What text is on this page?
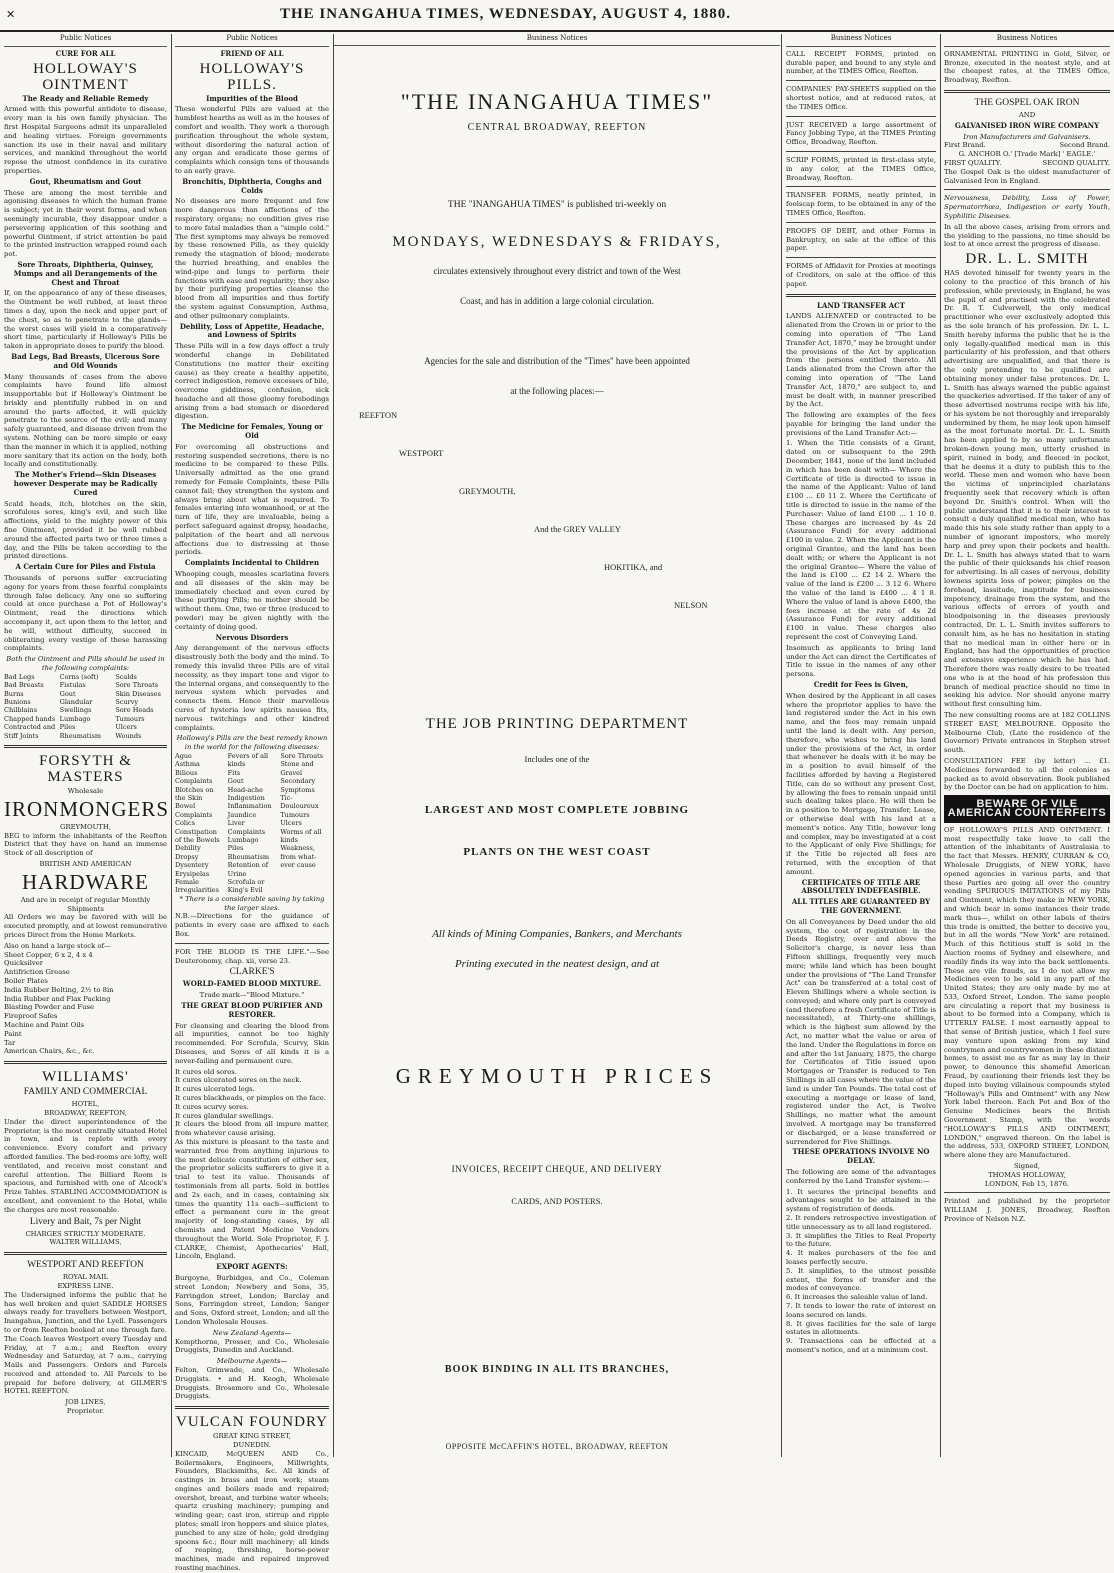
✕	THE INANGAHUA TIMES, WEDNESDAY, AUGUST 4, 1880.
Public Notices
CURE FOR ALL
HOLLOWAY'S OINTMENT
The Ready and Reliable Remedy

Armed with this powerful antidote to disease, every man is his own family physician. The first Hospital Surgeons admit its unparalleled and healing virtues. Foreign governments sanction its use in their naval and military services, and mankind throughout the world repose the utmost confidence in its curative properties.

Gout, Rheumatism and Gout

These are among the most terrible and agonising diseases to which the human frame is subject; yet in their worst forms, and when seemingly incurable, they disappear under a persevering application of this soothing and powerful Ointment, if strict attention be paid to the printed instruction wrapped round each pot.

Sore Throats, Diphtheria, Quinsey, Mumps and all Derangements of the Chest and Throat

If, on the appearance of any of these diseases, the Ointment be well rubbed, at least three times a day, upon the neck and upper part of the chest, so as to penetrate to the glands—the worst cases will yield in a comparatively short time, particularly if Holloway's Pills be taken in appropriate doses to purify the blood.

Bad Legs, Bad Breasts, Ulcerous Sore and Old Wounds

Many thousands of cases from the above complaints have found life almost insupportable but if Holloway's Ointment be briskly and plentifully rubbed in on and around the parts affected, it will quickly penetrate to the source of the evil; and many safely guaranteed, and disease driven from the system. Nothing can be more simple or easy than the manner in which it is applied, nothing more sanitary that its action on the body, both locally and constitutionally.

The Mother's Friend—Skin Diseases however Desperate may be Radically Cured

Scald heads, itch, blotches on the skin, scrofulous sores, king's evil, and such like affections, yield to the mighty power of this fine Ointment, provided it be well rubbed around the affected parts two or three times a day, and the Pills be taken according to the printed directions.

A Certain Cure for Piles and Fistula

Thousands of persons suffer excruciating agony for years from these fearful complaints through false delicacy. Any one so suffering could at once purchase a Pot of Holloway's Ointment, read the directions which accompany it, act upon them to the letter, and he will, without difficulty, succeed in obliterating every vestige of these harassing complaints.

Both the Ointment and Pills should be used in the following complaints:
Bad Legs
Bad Breasts
Burns
Bunions
Chilblains
Chapped hands
Contracted and Stiff Joints
Corns (soft)
Fistulas
Gout
Glandular
Swellings
Lumbago
Piles
Rheumatism
Scalds
Sore Throats
Skin Diseases
Scurvy
Sore Heads
Tumours
Ulcers
Wounds
FORSYTH & MASTERS
Wholesale
IRONMONGERS
GREYMOUTH,

BEG to inform the inhabitants of the Reefton District that they have on hand an immense Stock of all description of

BRITISH AND AMERICAN
HARDWARE
And are in receipt of regular Monthly Shipments

All Orders we may be favored with will be executed promptly, and at lowest remunerative prices Direct from the Home Markets.

Also on hand a large stock of—
Sheet Copper, 6 x 2, 4 x 4
Quicksilver
Antifriction Grease
Boiler Plates
India Rubber Belting, 2½ to 8in
India Rubber and Flax Packing
Blasting Powder and Fuse
Fireproof Safes
Machine and Paint Oils
Paint
Tar
American Chairs, &c., &c.
WILLIAMS'
FAMILY AND COMMERCIAL
HOTEL,
BROADWAY, REEFTON,

Under the direct superintendence of the Proprietor, is the most centrally situated Hotel in town, and is replete with every convenience. Every comfort and privacy afforded families. The bed-rooms are lofty, well ventilated, and receive most constant and careful attention. The Billiard Room is spacious, and furnished with one of Alcock's Prize Tables. STABLING ACCOMMODATION is excellent, and convenient to the Hotel, while the charges are most reasonable.

Livery and Bait, 7s per Night
CHARGES STRICTLY MODERATE.
WALTER WILLIAMS,
WESTPORT AND REEFTON
ROYAL MAIL
EXPRESS LINE.

The Undersigned informs the public that he has well broken and quiet SADDLE HORSES always ready for travellers between Westport, Inangahua, Junction, and the Lyell. Passengers to or from Reefton booked at one through fare. The Coach leaves Westport every Tuesday and Friday, at 7 a.m.; and Reefton every Wednesday and Saturday, at 7 a.m., carrying Mails and Passengers. Orders and Parcels received and attended to. All Parcels to be prepaid for before delivery, at GILMER'S HOTEL REEFTON.

JOB LINES,
Proprietor.
Public Notices
FRIEND OF ALL
HOLLOWAY'S PILLS.
Impurities of the Blood

These wonderful Pills are valued at the humblest hearths as well as in the houses of comfort and wealth. They work a thorough purification throughout the whole system, without disordering the natural action of any organ and eradicate those germs of complaints which consign tens of thousands to an early grave.

Bronchitis, Diphtheria, Coughs and Colds

No diseases are more frequent and few more dangerous than affections of the respiratory organs; no condition gives rise to more fatal maladies than a "simple cold." The first symptoms may always be removed by these renowned Pills, as they quickly remedy the stagnation of blood; moderate the hurried breathing, and enables the wind-pipe and lungs to perform their functions with ease and regularity; they also by their purifying properties cleanse the blood from all impurities and thus fortify the system against Consumption, Asthma, and other pulmonary complaints.

Debility, Loss of Appetite, Headache, and Lowness of Spirits

These Pills will in a few days effect a truly wonderful change in Debilitated Constitutions (no matter their exciting cause) as they create a healthy appetite, correct indigestion, remove excesses of bile, overcome giddiness, confusion, sick headache and all those gloomy forebodings arising from a bad stomach or disordered digestion.

The Medicine for Females, Young or Old

For overcoming all obstructions and restoring suspended secretions, there is no medicine to be compared to these Pills. Universally admitted as the one grand remedy for Female Complaints, these Pills cannot fail; they strengthen the system and always bring about what is required. To females entering into womanhood, or at the turn of life, they are invaluable, being a perfect safeguard against dropsy, headache, palpitation of the heart and all nervous affections due to distressing at those periods.

Complaints Incidental to Children

Whooping cough, measles scarlatina fevers and all diseases of the skin may be immediately checked and even cured by these purifying Pills; no mother should be without them. One, two or three (reduced to powder) may be given nightly with the certainty of doing good.

Nervous Disorders

Any derangement of the nervous effects disastrously both the body and the mind. To remedy this invalid three Pills are of vital necessity, as they impart tone and vigor to the internal organs, and consequently to the nervous system which pervades and connects them. Hence their marvellous cures of hysteria low spirits nausea fits, nervous twitchings and other kindred complaints.

Holloway's Pills are the best remedy known in the world for the following diseases:
Ague
Asthma
Bilious Complaints
Blotches on the Skin
Bowel Complaints
Colics
Constipation of the Bowels
Debility
Dropsy
Dysentery
Erysipelas
Female Irregularities
Fevers of all kinds
Fits
Gout
Head-ache
Indigestion
Inflammation
Jaundice
Liver Complaints
Lumbago
Piles
Rheumatism
Retention of Urine
Scrofula or King's Evil
Sore Throats
Stone and Gravel
Secondary Symptoms
Tic-Douloureux
Tumours
Ulcers
Worms of all kinds
Weakness, from what-ever cause
* There is a considerable saving by taking the larger sizes.

N.B.—Directions for the guidance of patients in every case are affixed to each Box.

FOR THE BLOOD IS THE LIFE."—See Deuteronomy, chap. xii, verse 23.

CLARKE'S
WORLD-FAMED BLOOD MIXTURE.
Trade mark—"Blood Mixture."
THE GREAT BLOOD PURIFIER AND RESTORER.

For cleansing and clearing the blood from all impurities, cannot be too highly recommended. For Scrofula, Scurvy, Skin Diseases, and Sores of all kinds it is a never-failing and permanent cure.

It cures old sores.
It cures ulcerated sores on the neck.
It cures ulcerated legs.
It cures blackheads, or pimples on the face.
It cures scurvy sores.
It cures glandular swellings.
It clears the blood from all impure matter, from whatever cause arising.

As this mixture is pleasant to the taste and warranted free from anything injurious to the most delicate constitution of either sex, the proprietor solicits sufferers to give it a trial to test its value. Thousands of testimonials from all parts. Sold in bottles and 2s each, and in cases, containing six times the quantity 11s each—sufficient to effect a permanent cure in the great majority of long-standing cases, by all chemists and Patent Medicine Vendors throughout the World. Sole Proprietor, F. J. CLARKE, Chemist, Apothecaries' Hall, Lincoln, England.

EXPORT AGENTS:

Burgoyne, Burbidges, and Co., Coleman street London; Newbery and Sons, 35, Farringdon street, London; Barclay and Sons, Farringdon street, London; Sanger and Sons, Oxford street, London; and all the London Wholesale Houses.

New Zealand Agents—

Kempthorne, Prosser, and Co., Wholesale Druggists, Dunedin and Auckland.

Melbourne Agents—

Felton, Grimwade, and Co., Wholesale Druggists. • and H. Keogh, Wholesale Druggists. Brosemore and Co., Wholesale Druggists.

VULCAN FOUNDRY
GREAT KING STREET,
DUNEDIN.

KINCAID, McQUEEN AND Co., Boilermakers, Engineers, Millwrights, Founders, Blacksmiths, &c. All kinds of castings in brass and iron work; steam engines and boilers made and repaired; overshot, breast, and turbine water wheels; quartz crushing machinery; pumping and winding gear; cast iron, stirrup and ripple plates; small iron hoppers and sluice plates, punched to any size of hole; gold dredging spoons &c.; flour mill machinery; all kinds of reaping, threshing, horse-power machines, made and repaired improved roasting machines.

Business Notices
"THE INANGAHUA TIMES"
CENTRAL BROADWAY, REEFTON
THE "INANGAHUA TIMES" is published tri-weekly on
MONDAYS, WEDNESDAYS & FRIDAYS,
circulates extensively throughout every district and town of the West
Coast, and has in addition a large colonial circulation.
Agencies for the sale and distribution of the "Times" have been appointed
at the following places:—
REEFTON
WESTPORT
GREYMOUTH,
And the GREY VALLEY
HOKITIKA, and
NELSON
THE JOB PRINTING DEPARTMENT
Includes one of the
LARGEST AND MOST COMPLETE JOBBING
PLANTS ON THE WEST COAST
All kinds of Mining Companies, Bankers, and Merchants
Printing executed in the neatest design, and at
GREYMOUTH PRICES
INVOICES, RECEIPT CHEQUE, AND DELIVERY
CARDS, AND POSTERS.
BOOK BINDING IN ALL ITS BRANCHES,
OPPOSITE McCAFFIN'S HOTEL, BROADWAY, REEFTON
Business Notices

CALL RECEIPT FORMS, printed on durable paper, and bound to any style and number, at the TIMES Office, Reefton.

COMPANIES' PAY-SHEETS supplied on the shortest notice, and at reduced rates, at the TIMES Office.

JUST RECEIVED a large assortment of Fancy Jobbing Type, at the TIMES Printing Office, Broadway, Reefton.

SCRIP FORMS, printed in first-class style, in any color, at the TIMES Office, Broadway, Reefton.

TRANSFER FORMS, neatly printed, in foolscap form, to be obtained in any of the TIMES Office, Reefton.

PROOFS OF DEBT, and other Forms in Bankruptcy, on sale at the office of this paper.

FORMS of Affidavit for Proxies at meetings of Creditors, on sale at the office of this paper.

LAND TRANSFER ACT

LANDS ALIENATED or contracted to be alienated from the Crown in or prior to the coming into operation of "The Land Transfer Act, 1870," may be brought under the provisions of the Act by application from the persons entitled thereto. All Lands alienated from the Crown after the coming into operation of "The Land Transfer Act, 1870," are subject to, and must be dealt with, in manner prescribed by the Act.

The following are examples of the fees payable for bringing the land under the provisions of the Land Transfer Act:—

1. When the Title consists of a Grant, dated on or subsequent to the 29th December, 1841, none of the land included in which has been dealt with— Where the Certificate of title is directed to issue in the name of the Applicant: Value of land £100 ... £0 11 2. Where the Certificate of title is directed to issue in the name of the Purchaser: Value of land £100 ... 1 10 0. These charges are increased by 4s 2d (Assurance Fund) for every additional £100 in value. 2. When the Applicant is the original Grantee, and the land has been dealt with; or where the Applicant is not the original Grantee— Where the value of the land is £100 ... £2 14 2. Where the value of the land is £200 ... 3 12 6. Where the value of the land is £400 ... 4 1 8. Where the value of land is above £400, the fees increase at the rate of 4s 2d (Assurance Fund) for every additional £100 in value. These charges also represent the cost of Conveying Land.

Insomuch as applicants to bring land under the Act can direct the Certificates of Title to issue in the names of any other persons.

Credit for Fees is Given,

When desired by the Applicant in all cases where the proprietor applies to have the land registered under the Act in his own name, and the fees may remain unpaid until the land is dealt with. Any person, therefore, who wishes to bring his land under the provisions of the Act, in order that whenever he deals with it he may be in a position to avail himself of the facilities afforded by having a Registered Title, can do so without any present Cost, by allowing the fees to remain unpaid until such dealing takes place. He will then be in a position to Mortgage, Transfer, Lease, or otherwise deal with his land at a moment's notice. Any Title, however long and complex, may be investigated at a cost to the Applicant of only Five Shillings; for if the Title be rejected all fees are returned, with the exception of that amount.

CERTIFICATES OF TITLE ARE ABSOLUTELY INDEFEASIBLE.
ALL TITLES ARE GUARANTEED BY THE GOVERNMENT.

On all Conveyances by Deed under the old system, the cost of registration in the Deeds Registry, over and above the Solicitor's charge, is never less than Fifteen shillings, frequently very much more; while land which has been bought under the provisions of "The Land Transfer Act" can be transferred at a total cost of Eleven Shillings where a whole section is conveyed; and where only part is conveyed (and therefore a fresh Certificate of Title is necessitated), at Thirty-one shillings, which is the highest sum allowed by the Act, no matter what the value or area of the land. Under the Regulations in force on and after the 1st January, 1875, the charge for Certificates of Title issued upon Mortgages or Transfer is reduced to Ten Shillings in all cases where the value of the land is under Ten Pounds. The total cost of executing a mortgage or lease of land, registered under the Act, is Twelve Shillings, no matter what the amount involved. A mortgage may be transferred or discharged, or a lease transferred or surrendered for Five Shillings.

THESE OPERATIONS INVOLVE NO DELAY.

The following are some of the advantages conferred by the Land Transfer system:—

1. It secures the principal benefits and advantages sought to be attained in the system of registration of deeds.
2. It renders retrospective investigation of title unnecessary as to all land registered.
3. It simplifies the Titles to Real Property to the future.
4. It makes purchasers of the fee and leases perfectly secure.
5. It simplifies, to the utmost possible extent, the forms of transfer and the modes of conveyance.
6. It increases the saleable value of land.
7. It tends to lower the rate of interest on loans secured on lands.
8. It gives facilities for the sale of large estates in allotments.
9. Transactions can be effected at a moment's notice, and at a minimum cost.
Business Notices

ORNAMENTAL PRINTING in Gold, Silver, or Bronze, executed in the neatest style, and at the cheapest rates, at the TIMES Office, Broadway, Reefton.

THE GOSPEL OAK IRON
AND
GALVANISED IRON WIRE COMPANY
Iron Manufacturers and Galvanisers.
First Brand.	Second Brand.
G. ANCHOR O.' [Trade Mark] ' EAGLE.'
FIRST QUALITY.	SECOND QUALITY.

The Gospel Oak is the oldest manufacturer of Galvanised Iron in England.

Nervousness, Debility, Loss of Power, Spermatorrhœa, Indigestion or early Youth, Syphilitic Diseases.

In all the above cases, arising from errors and the yielding to the passions, no time should be lost to at once arrest the progress of disease.

DR. L. L. SMITH

HAS devoted himself for twenty years in the colony to the practice of this branch of his profession, while previously, in England, he was the pupil of and practised with the celebrated Dr. R. T. Culverwell, the only medical practitioner who ever exclusively adopted this as the sole branch of his profession. Dr. L. L. Smith hereby informs the public that he is the only legally-qualified medical man in this particularity of his profession, and that others advertising are unqualified, and that there is the only pretending to be qualified are obtaining money under false pretences. Dr. L. L. Smith has always warned the public against the quackeries advertised. If the taker of any of these advertised nostrums recipe with his life, or his system be not thoroughly and irreparably undermined by them, he may look upon himself as the most fortunate mortal. Dr. L. L. Smith has been applied to by so many unfortunate broken-down young men, utterly crushed in spirit, ruined in body, and fleeced in pocket, that he deems it a duty to publish this to the world. These men and women who have been the victims of unprincipled charlatans frequently seek that recovery which is often beyond Dr. Smith's control. When will the public understand that it is to their interest to consult a duly qualified medical man, who has made this his sole study rather than apply to a number of ignorant impostors, who merely harp and prey upon their pockets and health. Dr. L. L. Smith has always stated that to warn the public of their quicksands his chief reason for advertising. In all cases of nervous, debility lowness spirits loss of power, pimples on the forehead, lassitude, inaptitude for business impotency, drainage from the system, and the various effects of errors of youth and bloodpoisoning in the diseases previously contracted, Dr. L. L. Smith invites sufferers to consult him, as he has no hesitation in stating that no medical man in either here or in England, has had the opportunities of practice and extensive experience which he has had. Therefore there was really desire to be treated one who is at the head of his profession this branch of medical practice should no time in seeking his advice. Nor should anyone marry without first consulting him.

The new consulting rooms are at 182 COLLINS STREET EAST, MELBOURNE. Opposite the Melbourne Club, (Late the residence of the Governor) Private entrances in Stephen street south.

CONSULTATION FEE (by letter) ... £1. Medicines forwarded to all the colonies as packed as to avoid observation. Book published by the Doctor can be had on application to him.

BEWARE OF VILE
AMERICAN COUNTERFEITS

OF HOLLOWAY'S PILLS AND OINTMENT. I most respectfully take leave to call the attention of the inhabitants of Australasia to the fact that Messrs. HENRY, CURRAN & CO, Wholesale Druggists, of NEW YORK, have opened agencies in various parts, and that these Parties are going all over the country vending SPURIOUS IMITATIONS of my Pills and Ointment, which they make in NEW YORK, and which bear in some instances their trade mark thus—, whilst on other labels of theirs this trade is omitted, the better to deceive you, but in all the words "New York" are retained. Much of this fictitious stuff is sold in the Auction rooms of Sydney and elsewhere, and readily finds its way into the back settlements. These are vile frauds, as I do not allow my Medicines even to be sold in any part of the United States; they are only made by me at 533, Oxford Street, London. The same people are circulating a report that my business is about to be formed into a Company, which is UTTERLY FALSE. I most earnestly appeal to that sense of British justice, which I feel sure may venture upon asking from my kind countrymen and countrywomen in these distant homes, to assist me as far as may lay in their power, to denounce this shameful American Fraud, by cautioning their friends lest they be duped into buying villainous compounds styled "Holloway's Pills and Ointment" with any New York label thereon. Each Pot and Box of the Genuine Medicines bears the British Government Stamp, with the words "HOLLOWAY'S PILLS AND OINTMENT, LONDON," engraved thereon. On the label is the address, 533, OXFORD STREET, LONDON, where alone they are Manufactured.

Signed,
THOMAS HOLLOWAY,
LONDON, Feb 15, 1876.

Printed and published by the proprietor WILLIAM J. JONES, Broadway, Reefton Province of Nelson N.Z.
